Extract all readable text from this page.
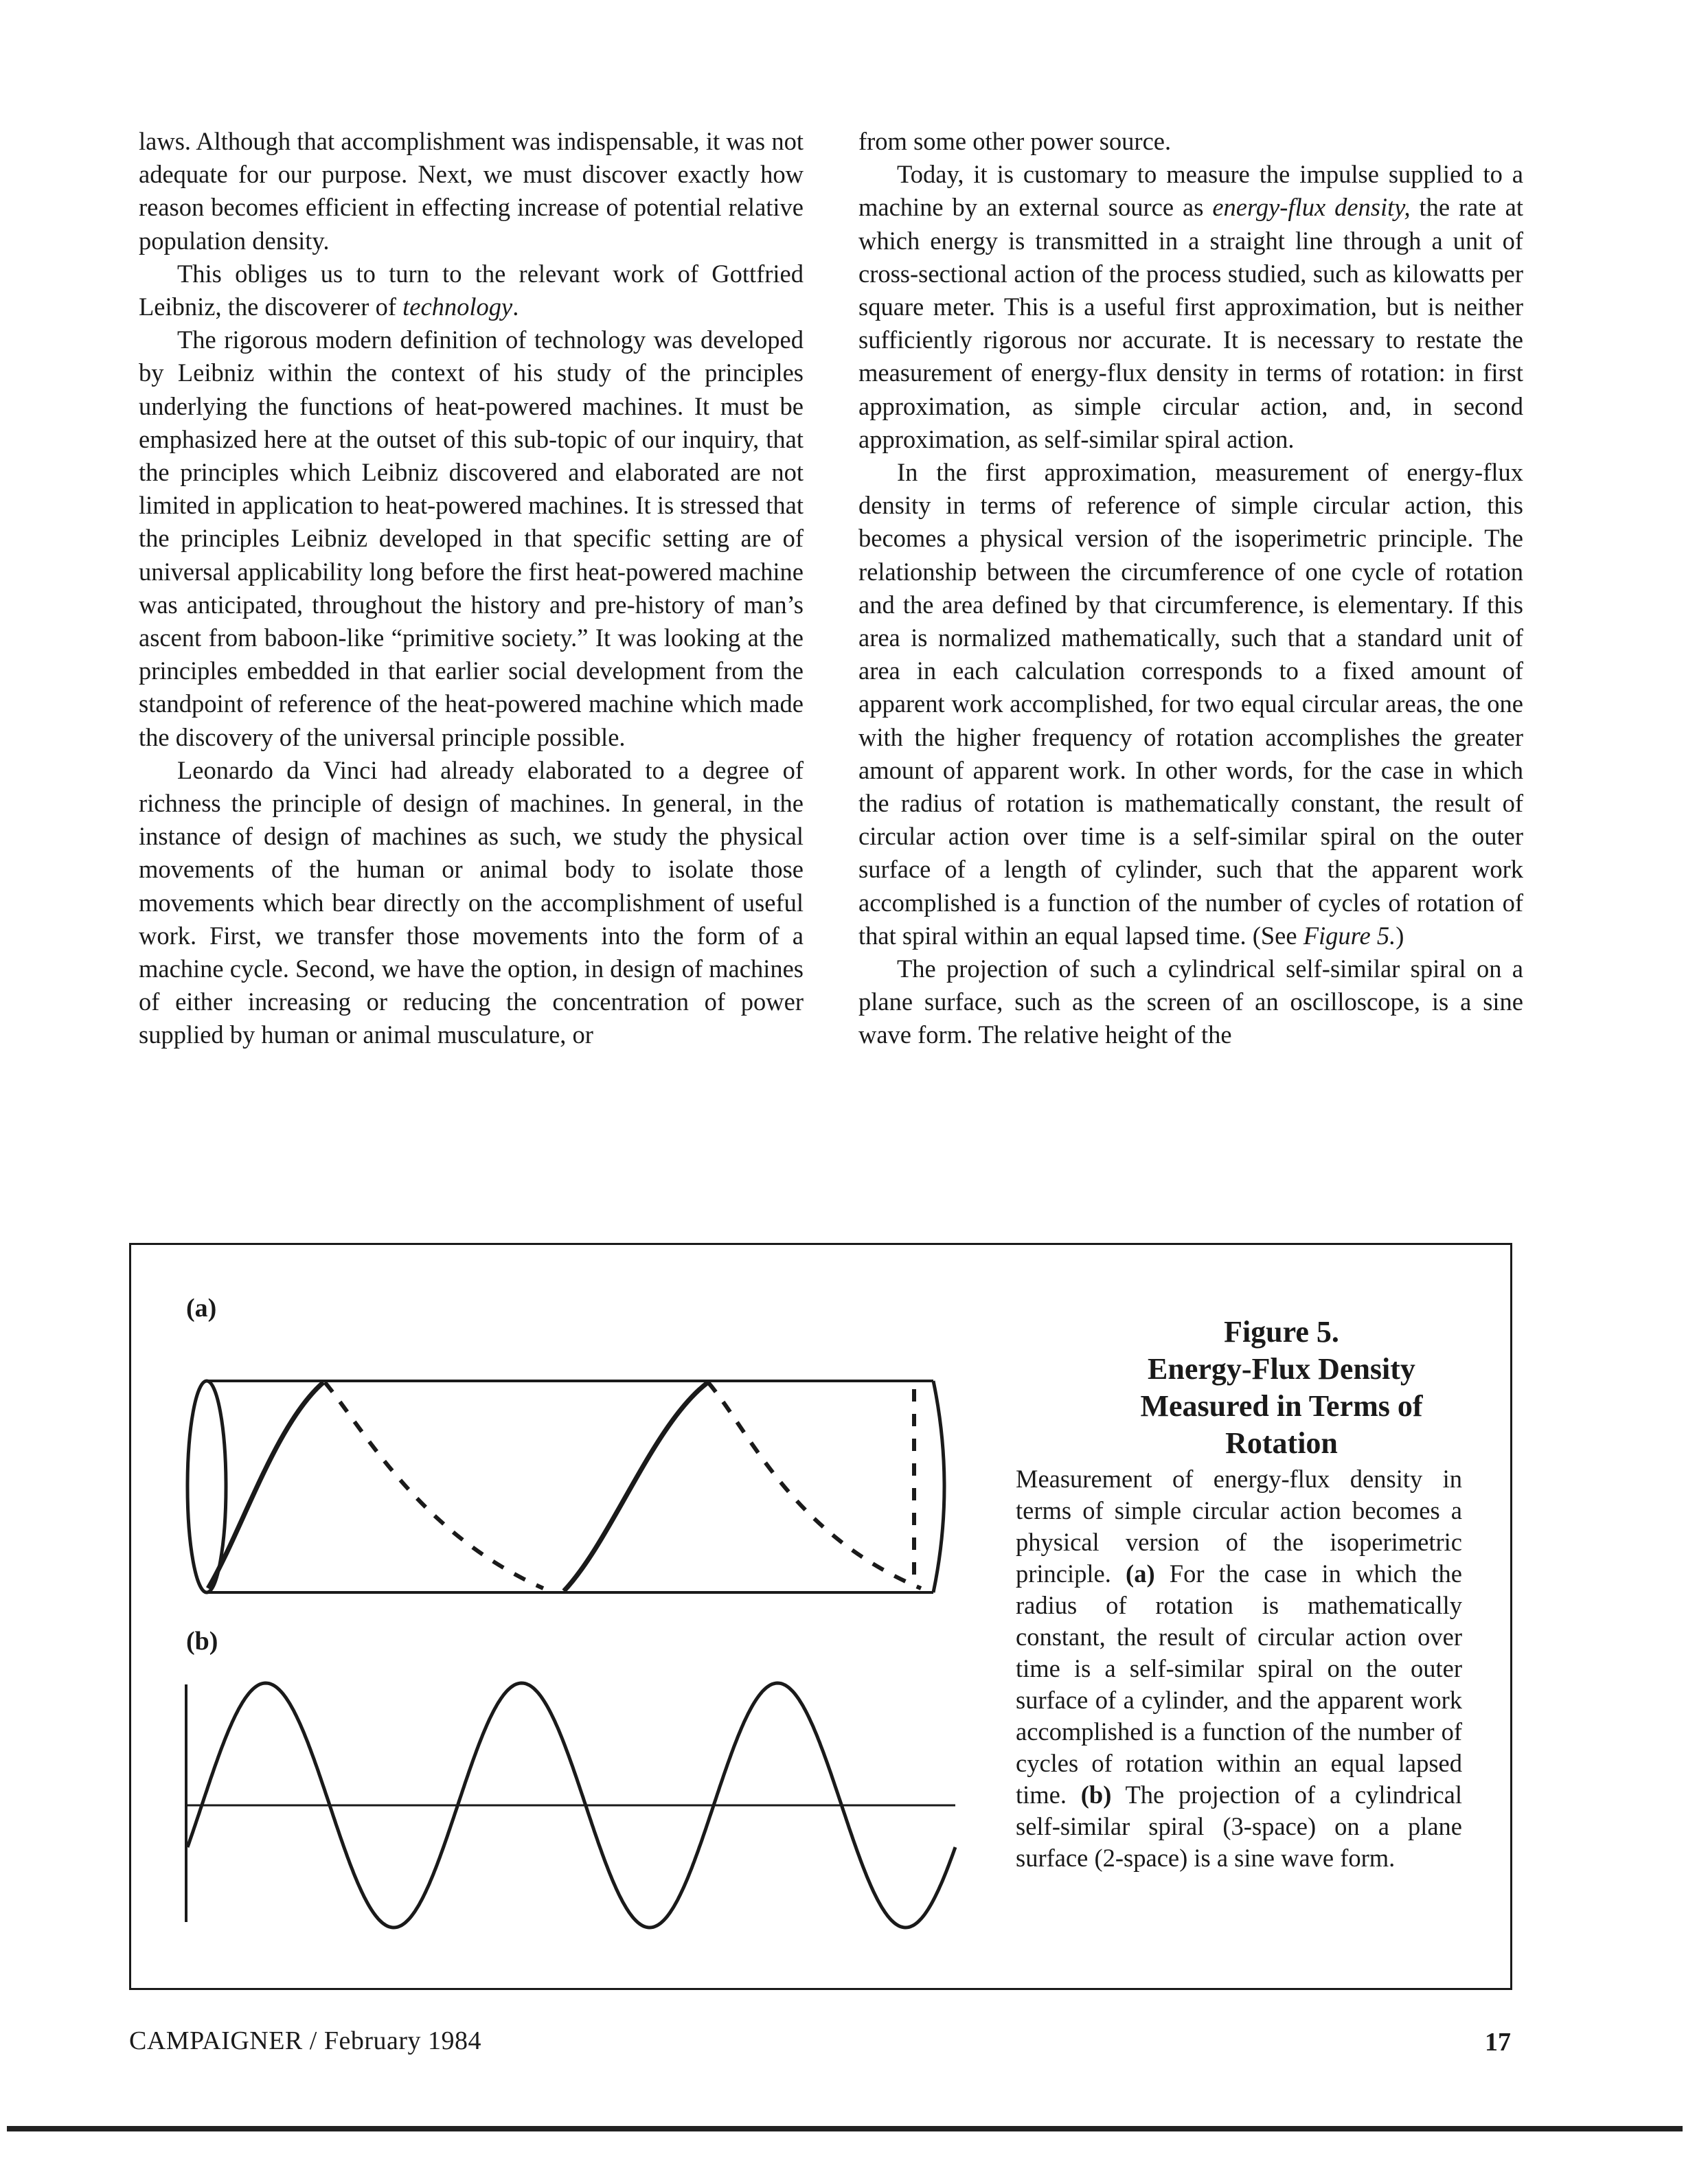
laws. Although that accomplishment was indispensable, it was not adequate for our purpose. Next, we must discover exactly how reason becomes efficient in effecting increase of potential relative population density.

This obliges us to turn to the relevant work of Gottfried Leibniz, the discoverer of technology.

The rigorous modern definition of technology was developed by Leibniz within the context of his study of the principles underlying the functions of heat-powered machines. It must be emphasized here at the outset of this sub-topic of our inquiry, that the principles which Leibniz discovered and elaborated are not limited in application to heat-powered machines. It is stressed that the principles Leibniz developed in that specific setting are of universal applicability long before the first heat-powered machine was anticipated, throughout the history and pre-history of man’s ascent from baboon-like “primitive society.” It was looking at the principles embedded in that earlier social development from the standpoint of reference of the heat-powered machine which made the discovery of the universal principle possible.

Leonardo da Vinci had already elaborated to a degree of richness the principle of design of machines. In general, in the instance of design of machines as such, we study the physical movements of the human or animal body to isolate those movements which bear directly on the accomplishment of useful work. First, we transfer those movements into the form of a machine cycle. Second, we have the option, in design of machines of either increasing or reducing the concentration of power supplied by human or animal musculature, or

from some other power source.

Today, it is customary to measure the impulse supplied to a machine by an external source as energy-flux density, the rate at which energy is transmitted in a straight line through a unit of cross-sectional action of the process studied, such as kilowatts per square meter. This is a useful first approximation, but is neither sufficiently rigorous nor accurate. It is necessary to restate the measurement of energy-flux density in terms of rotation: in first approximation, as simple circular action, and, in second approximation, as self-similar spiral action.

In the first approximation, measurement of energy-flux density in terms of reference of simple circular action, this becomes a physical version of the isoperimetric principle. The relationship between the circumference of one cycle of rotation and the area defined by that circumference, is elementary. If this area is normalized mathematically, such that a standard unit of area in each calculation corresponds to a fixed amount of apparent work accomplished, for two equal circular areas, the one with the higher frequency of rotation accomplishes the greater amount of apparent work. In other words, for the case in which the radius of rotation is mathematically constant, the result of circular action over time is a self-similar spiral on the outer surface of a length of cylinder, such that the apparent work accomplished is a function of the number of cycles of rotation of that spiral within an equal lapsed time. (See Figure 5.)

The projection of such a cylindrical self-similar spiral on a plane surface, such as the screen of an oscilloscope, is a sine wave form. The relative height of the

(a)
(b)
Figure 5.
Energy-Flux Density
Measured in Terms of
Rotation
Measurement of energy-flux density in terms of simple circular action becomes a physical version of the isoperimetric principle. (a) For the case in which the radius of rotation is mathematically constant, the result of circular action over time is a self-similar spiral on the outer surface of a cylinder, and the apparent work accomplished is a function of the number of cycles of rotation within an equal lapsed time. (b) The projection of a cylindrical self-similar spiral (3-space) on a plane surface (2-space) is a sine wave form.
CAMPAIGNER / February 1984	17
